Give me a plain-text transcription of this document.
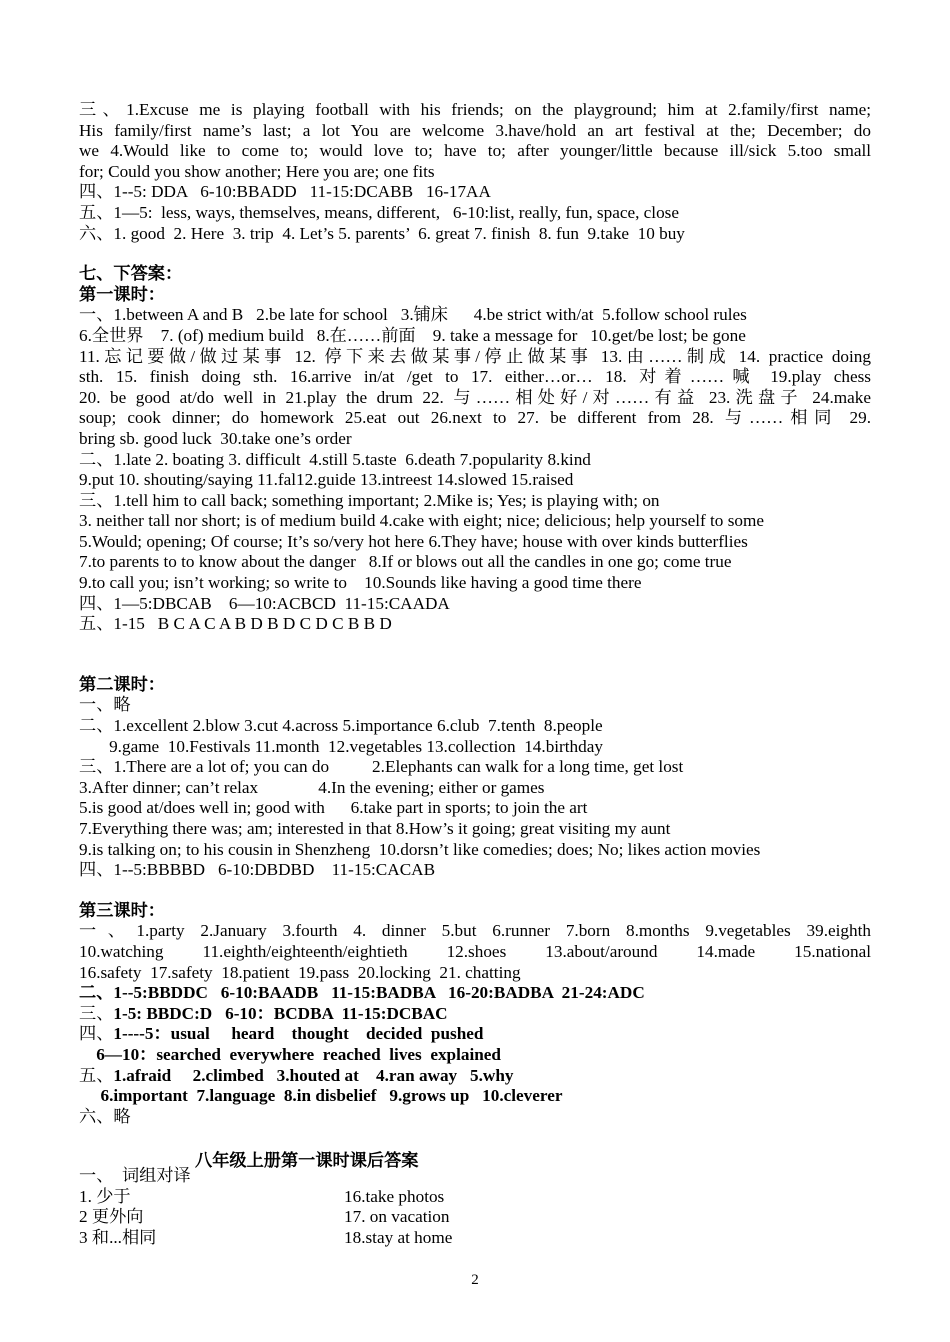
三、1.Excuse me is playing football with his friends; on the playground; him at 2.family/first name;
His family/first name’s last; a lot You are welcome 3.have/hold an art festival at the; December; do
we 4.Would like to come to; would love to; have to; after younger/little because ill/sick 5.too small
for; Could you show another; Here you are; one fits
四、1--5: DDA   6-10:BBADD   11-15:DCABB   16-17AA
五、1—5:  less, ways, themselves, means, different,   6-10:list, really, fun, space, close
六、1. good  2. Here  3. trip  4. Let’s 5. parents’  6. great 7. finish  8. fun  9.take  10 buy
七、下答案：
第一课时：
一、1.between A and B   2.be late for school   3.铺床      4.be strict with/at  5.follow school rules
6.全世界    7. (of) medium build   8.在……前面    9. take a message for   10.get/be lost; be gone
11.忘记要做/做过某事 12. 停下来去做某事/停止做某事 13.由……制成 14. practice doing
sth. 15. finish doing sth. 16.arrive in/at /get to 17. either…or… 18. 对着……喊 19.play chess
20. be good at/do well in 21.play the drum 22. 与……相处好/对……有益 23.洗盘子 24.make
soup; cook dinner; do homework 25.eat out 26.next to 27. be different from 28. 与……相同 29.
bring sb. good luck  30.take one’s order
二、1.late 2. boating 3. difficult  4.still 5.taste  6.death 7.popularity 8.kind
9.put 10. shouting/saying 11.fal12.guide 13.intreest 14.slowed 15.raised
三、1.tell him to call back; something important; 2.Mike is; Yes; is playing with; on
3. neither tall nor short; is of medium build 4.cake with eight; nice; delicious; help yourself to some
5.Would; opening; Of course; It’s so/very hot here 6.They have; house with over kinds butterflies
7.to parents to to know about the danger   8.If or blows out all the candles in one go; come true
9.to call you; isn’t working; so write to    10.Sounds like having a good time there
四、1—5:DBCAB    6—10:ACBCD  11-15:CAADA
五、1-15   B C A C A B D B D C D C B B D
第二课时：
一、略
二、1.excellent 2.blow 3.cut 4.across 5.importance 6.club  7.tenth  8.people
9.game  10.Festivals 11.month  12.vegetables 13.collection  14.birthday
三、1.There are a lot of; you can do          2.Elephants can walk for a long time, get lost
3.After dinner; can’t relax              4.In the evening; either or games
5.is good at/does well in; good with      6.take part in sports; to join the art
7.Everything there was; am; interested in that 8.How’s it going; great visiting my aunt
9.is talking on; to his cousin in Shenzheng  10.dorsn’t like comedies; does; No; likes action movies
四、1--5:BBBBD   6-10:DBDBD    11-15:CACAB
第三课时：
一、1.party 2.January 3.fourth 4. dinner 5.but 6.runner 7.born 8.months 9.vegetables 39.eighth
10.watching 11.eighth/eighteenth/eightieth 12.shoes 13.about/around 14.made 15.national
16.safety  17.safety  18.patient  19.pass  20.locking  21. chatting
二、1--5:BBDDC   6-10:BAADB   11-15:BADBA   16-20:BADBA  21-24:ADC
三、1-5: BBDC:D   6-10：BCDBA  11-15:DCBAC
四、1----5：usual     heard    thought    decided  pushed
6—10：searched  everywhere  reached  lives  explained
五、1.afraid     2.climbed   3.houted at    4.ran away   5.why
6.important  7.language  8.in disbelief   9.grows up   10.cleverer
六、略
八年级上册第一课时课后答案
一、  词组对译
1. 少于	16.take photos
2 更外向	17. on vacation
3 和...相同	18.stay at home
2
